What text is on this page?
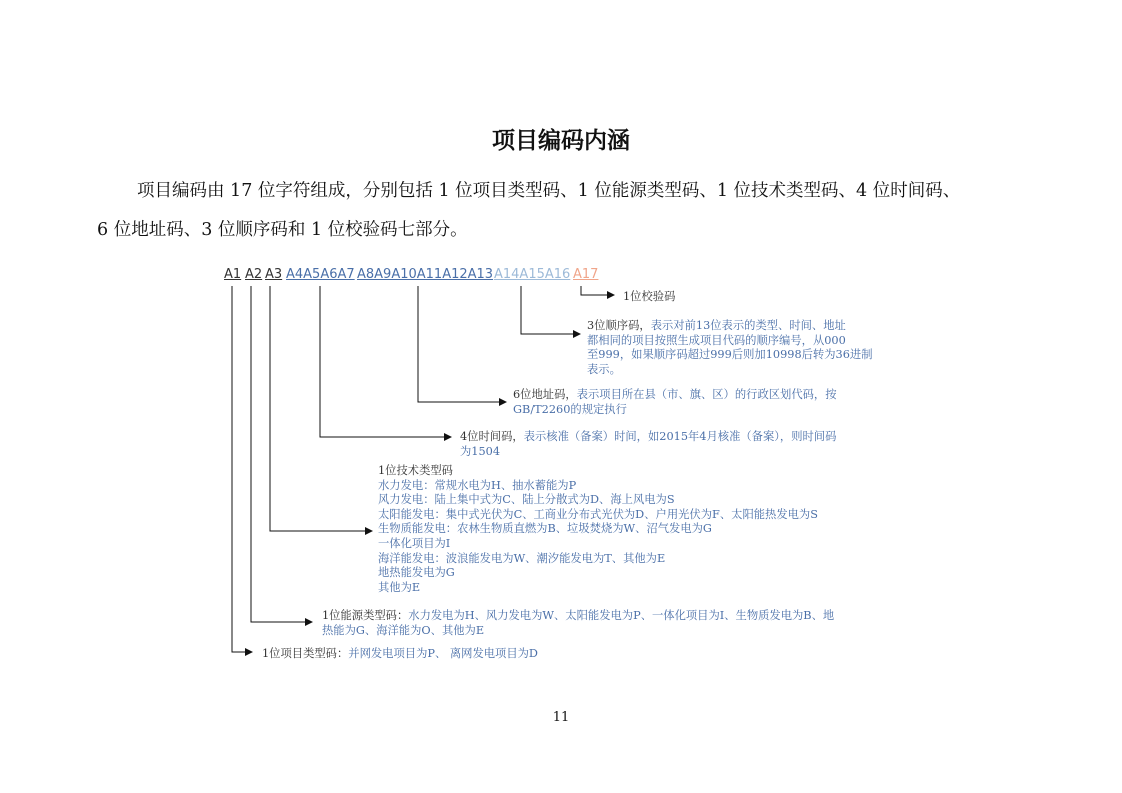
项目编码内涵
项目编码由 17 位字符组成，分别包括 1 位项目类型码、1 位能源类型码、1 位技术类型码、4 位时间码、
6 位地址码、3 位顺序码和 1 位校验码七部分。
A1 A2 A3 A4A5A6A7 A8A9A10A11A12A13 A14A15A16 A17
1位校验码
3位顺序码，表示对前13位表示的类型、时间、地址
都相同的项目按照生成项目代码的顺序编号，从000
至999，如果顺序码超过999后则加10998后转为36进制
表示。
6位地址码，表示项目所在县（市、旗、区）的行政区划代码，按
GB/T2260的规定执行
4位时间码，表示核准（备案）时间，如2015年4月核准（备案），则时间码
为1504
1位技术类型码
水力发电：常规水电为H、抽水蓄能为P
风力发电：陆上集中式为C、陆上分散式为D、海上风电为S
太阳能发电：集中式光伏为C、工商业分布式光伏为D、户用光伏为F、太阳能热发电为S
生物质能发电：农林生物质直燃为B、垃圾焚烧为W、沼气发电为G
一体化项目为I
海洋能发电：波浪能发电为W、潮汐能发电为T、其他为E
地热能发电为G
其他为E
1位能源类型码：水力发电为H、风力发电为W、太阳能发电为P、一体化项目为I、生物质发电为B、地
热能为G、海洋能为O、其他为E
1位项目类型码：并网发电项目为P、 离网发电项目为D
11
